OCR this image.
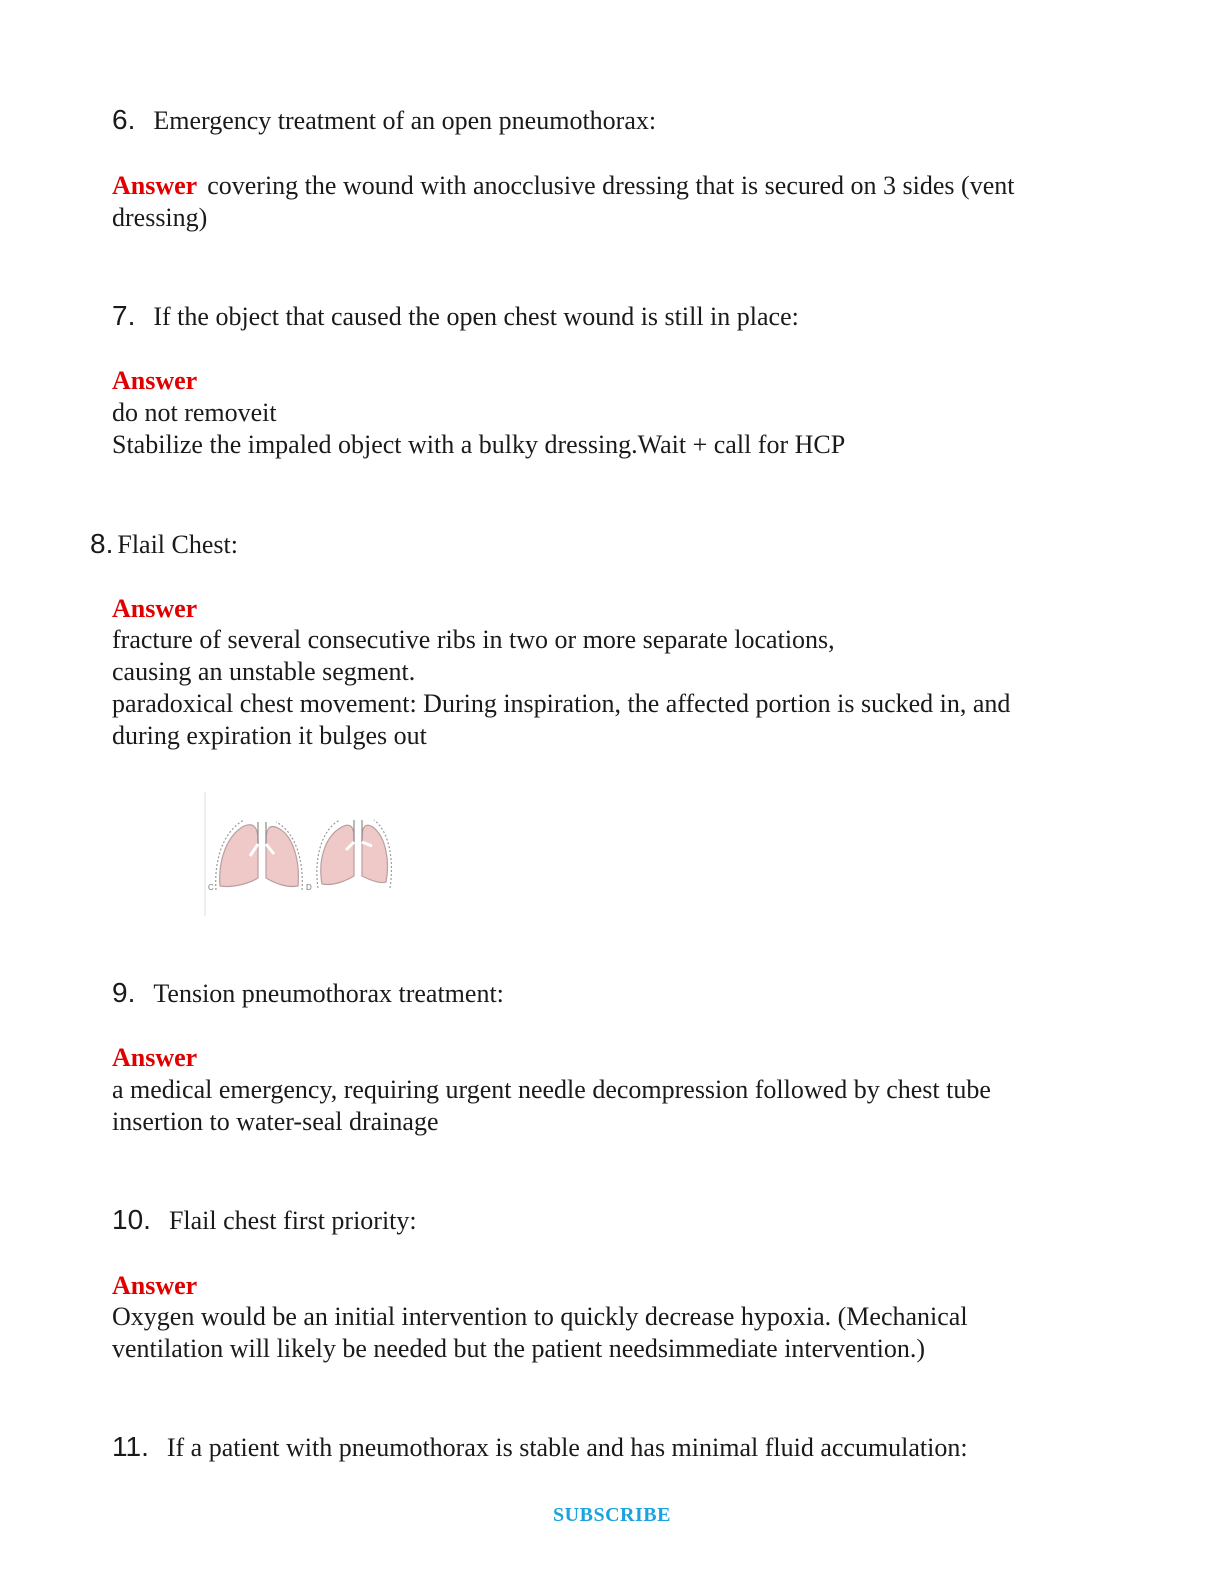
6. Emergency treatment of an open pneumothorax:
Answer covering the wound with anocclusive dressing that is secured on 3 sides (vent
dressing)
7. If the object that caused the open chest wound is still in place:
Answer
do not removeit
Stabilize the impaled object with a bulky dressing.Wait + call for HCP
8. Flail Chest:
Answer
fracture of several consecutive ribs in two or more separate locations,
causing an unstable segment.
paradoxical chest movement: During inspiration, the affected portion is sucked in, and
during expiration it bulges out
C	D
9. Tension pneumothorax treatment:
Answer
a medical emergency, requiring urgent needle decompression followed by chest tube
insertion to water-seal drainage
10. Flail chest first priority:
Answer
Oxygen would be an initial intervention to quickly decrease hypoxia. (Mechanical
ventilation will likely be needed but the patient needsimmediate intervention.)
11. If a patient with pneumothorax is stable and has minimal fluid accumulation:
SUBSCRIBE
